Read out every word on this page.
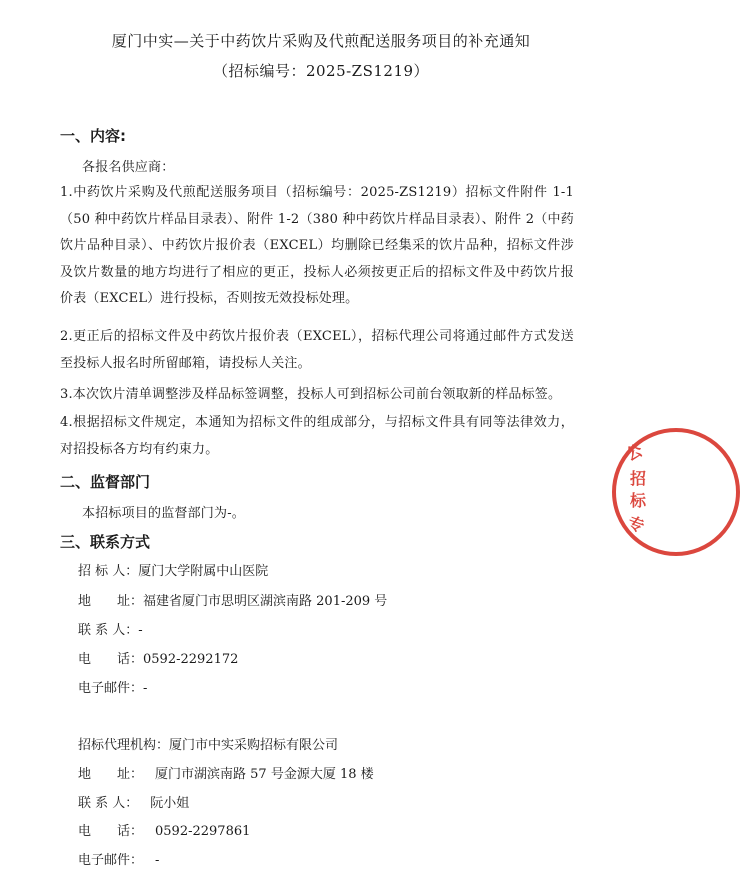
厦门中实—关于中药饮片采购及代煎配送服务项目的补充通知
（招标编号：2025-ZS1219）
一、内容:
各报名供应商：
1.中药饮片采购及代煎配送服务项目（招标编号：2025-ZS1219）招标文件附件 1-1（50 种中药饮片样品目录表）、附件 1-2（380 种中药饮片样品目录表）、附件 2（中药饮片品种目录）、中药饮片报价表（EXCEL）均删除已经集采的饮片品种，招标文件涉及饮片数量的地方均进行了相应的更正，投标人必须按更正后的招标文件及中药饮片报价表（EXCEL）进行投标，否则按无效投标处理。
2.更正后的招标文件及中药饮片报价表（EXCEL），招标代理公司将通过邮件方式发送至投标人报名时所留邮箱，请投标人关注。
3.本次饮片清单调整涉及样品标签调整，投标人可到招标公司前台领取新的样品标签。
4.根据招标文件规定，本通知为招标文件的组成部分，与招标文件具有同等法律效力，对招投标各方均有约束力。
二、监督部门
本招标项目的监督部门为-。
三、联系方式
招 标 人：厦门大学附属中山医院
地　　址：福建省厦门市思明区湖滨南路 201-209 号
联 系 人：-
电　　话：0592-2292172
电子邮件：-
招标代理机构：厦门市中实采购招标有限公司
地　　址： 厦门市湖滨南路 57 号金源大厦 18 楼
联 系 人： 阮小姐
电　　话： 0592-2297861
电子邮件： -
公
招
标
专
